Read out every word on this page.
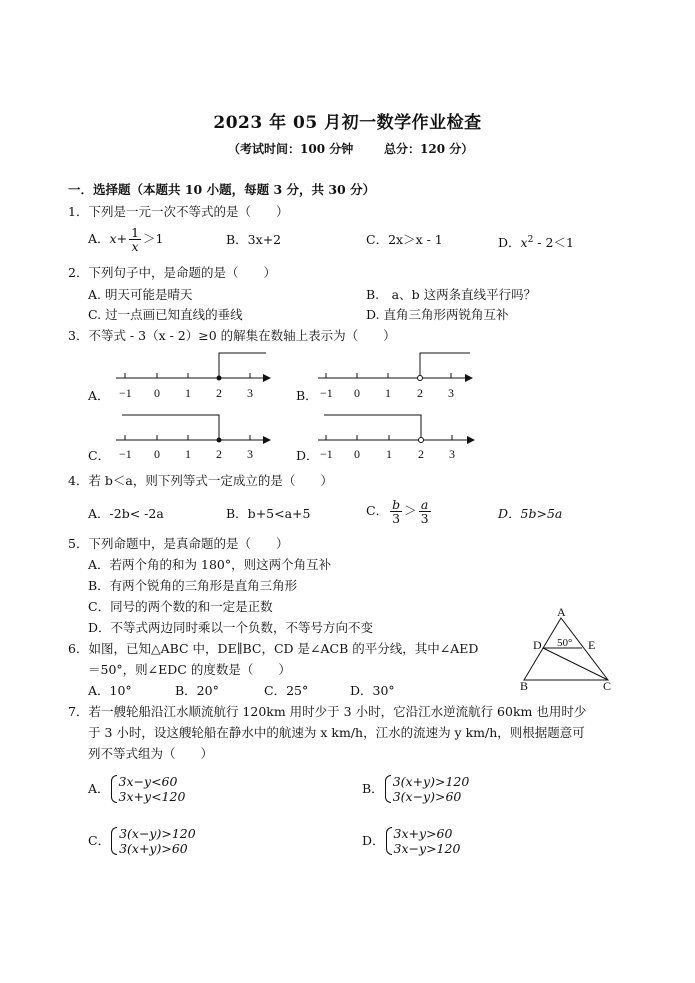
2023 年 05 月初一数学作业检查
（考试时间：100 分钟	总分：120 分）
一．选择题（本题共 10 小题，每题 3 分，共 30 分）
1．下列是一元一次不等式的是（　　）
A．$x+ \frac{1}{x} >1$	B．3x+2	C．2x＞x - 1	D．$x^2 - 2<1$
2．下列句子中，是命题的是（　　）
A. 明天可能是晴天	B.　a、b 这两条直线平行吗？
C. 过一点画已知直线的垂线	D. 直角三角形两锐角互补
3．不等式 - 3（x - 2）≥0 的解集在数轴上表示为（　　）
A．	B．
C．	D．
−1 0 1 2 3	−1 0 1 2 3
−1 0 1 2 3	−1 0 1 2 3
A
B	C
D	E
50°
4．若 b＜a，则下列等式一定成立的是（　　）
A．-2b< -2a	B．b+5<a+5	C． $\frac{b}{3} > \frac{a}{3}$	D．5b>5a
5．下列命题中，是真命题的是（　　）
A．若两个角的和为 180°，则这两个角互补
B．有两个锐角的三角形是直角三角形
C．同号的两个数的和一定是正数
D．不等式两边同时乘以一个负数，不等号方向不变
6．如图，已知△ABC 中，DE∥BC，CD 是∠ACB 的平分线，其中∠AED
＝50°，则∠EDC 的度数是（　　）
A．10°	B．20°	C．25°	D．30°
7．若一艘轮船沿江水顺流航行 120km 用时少于 3 小时，它沿江水逆流航行 60km 也用时少
于 3 小时，设这艘轮船在静水中的航速为 x km/h，江水的流速为 y km/h，则根据题意可
列不等式组为（　　）
A． 3x−y<60
3x+y<120
B． 3(x+y)>120
3(x−y)>60
C． 3(x−y)>120
3(x+y)>60
D． 3x+y>60
3x−y>120
